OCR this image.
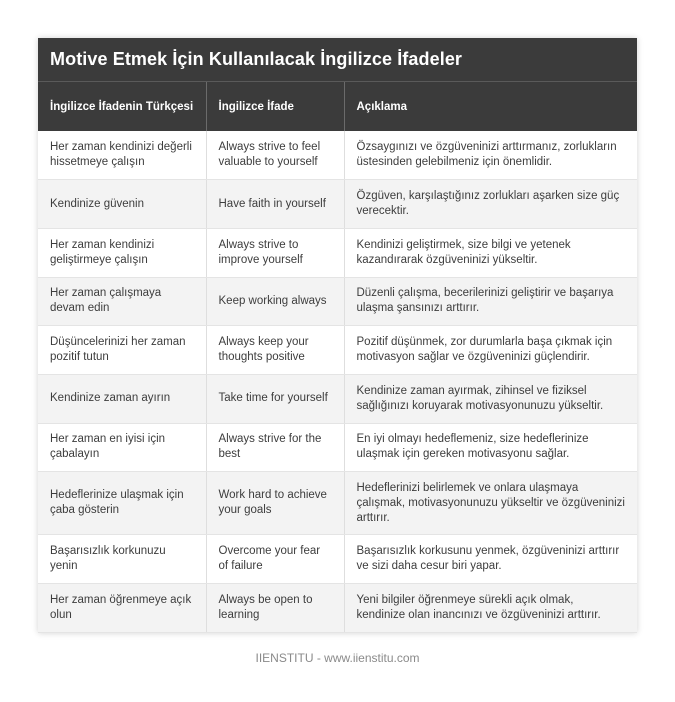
Motive Etmek İçin Kullanılacak İngilizce İfadeler
İngilizce İfadenin Türkçesi	İngilizce İfade	Açıklama
Her zaman kendinizi değerli hissetmeye çalışın	Always strive to feel valuable to yourself	Özsaygınızı ve özgüveninizi arttırmanız, zorlukların üstesinden gelebilmeniz için önemlidir.
Kendinize güvenin	Have faith in yourself	Özgüven, karşılaştığınız zorlukları aşarken size güç verecektir.
Her zaman kendinizi geliştirmeye çalışın	Always strive to improve yourself	Kendinizi geliştirmek, size bilgi ve yetenek kazandırarak özgüveninizi yükseltir.
Her zaman çalışmaya devam edin	Keep working always	Düzenli çalışma, becerilerinizi geliştirir ve başarıya ulaşma şansınızı arttırır.
Düşüncelerinizi her zaman pozitif tutun	Always keep your thoughts positive	Pozitif düşünmek, zor durumlarla başa çıkmak için motivasyon sağlar ve özgüveninizi güçlendirir.
Kendinize zaman ayırın	Take time for yourself	Kendinize zaman ayırmak, zihinsel ve fiziksel sağlığınızı koruyarak motivasyonunuzu yükseltir.
Her zaman en iyisi için çabalayın	Always strive for the best	En iyi olmayı hedeflemeniz, size hedeflerinize ulaşmak için gereken motivasyonu sağlar.
Hedeflerinize ulaşmak için çaba gösterin	Work hard to achieve your goals	Hedeflerinizi belirlemek ve onlara ulaşmaya çalışmak, motivasyonunuzu yükseltir ve özgüveninizi arttırır.
Başarısızlık korkunuzu yenin	Overcome your fear of failure	Başarısızlık korkusunu yenmek, özgüveninizi arttırır ve sizi daha cesur biri yapar.
Her zaman öğrenmeye açık olun	Always be open to learning	Yeni bilgiler öğrenmeye sürekli açık olmak, kendinize olan inancınızı ve özgüveninizi arttırır.
IIENSTITU - www.iienstitu.com
